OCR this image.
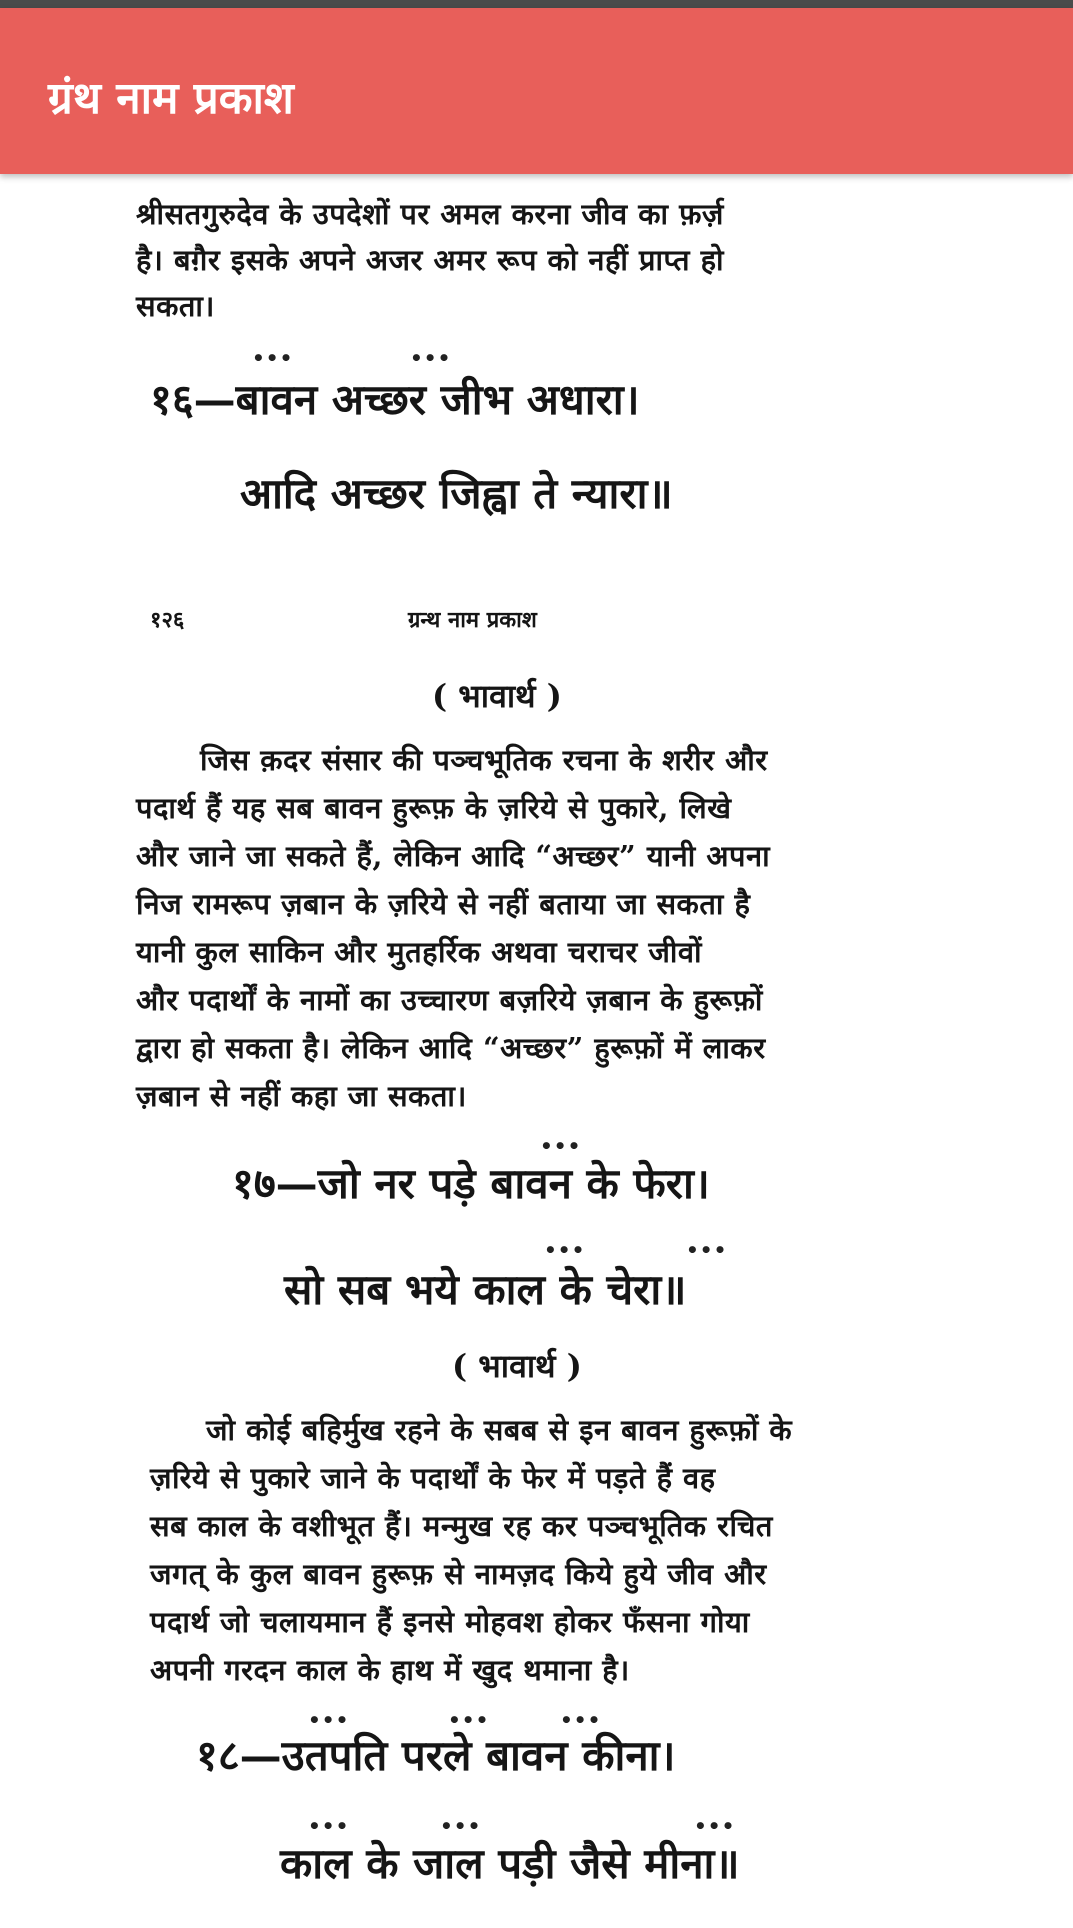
ग्रंथ नाम प्रकाश
श्रीसतगुरुदेव के उपदेशों पर अमल करना जीव का फ़र्ज़
है। बग़ैर इसके अपने अजर अमर रूप को नहीं प्राप्त हो
सकता।
•••	•••
१६—बावन अच्छर जीभ अधारा।
आदि अच्छर जिह्वा ते न्यारा॥
१२६	ग्रन्थ नाम प्रकाश
( भावार्थ )
जिस क़दर संसार की पञ्चभूतिक रचना के शरीर और
पदार्थ हैं यह सब बावन हुरूफ़ के ज़रिये से पुकारे, लिखे
और जाने जा सकते हैं, लेकिन आदि “अच्छर” यानी अपना
निज रामरूप ज़बान के ज़रिये से नहीं बताया जा सकता है
यानी कुल साकिन और मुतहर्रिक अथवा चराचर जीवों
और पदार्थों के नामों का उच्चारण बज़रिये ज़बान के हुरूफ़ों
द्वारा हो सकता है। लेकिन आदि “अच्छर” हुरूफ़ों में लाकर
ज़बान से नहीं कहा जा सकता।
•••
१७—जो नर पड़े बावन के फेरा।
•••	•••
सो सब भये काल के चेरा॥
( भावार्थ )
जो कोई बहिर्मुख रहने के सबब से इन बावन हुरूफ़ों के
ज़रिये से पुकारे जाने के पदार्थों के फेर में पड़ते हैं वह
सब काल के वशीभूत हैं। मन्मुख रह कर पञ्चभूतिक रचित
जगत् के कुल बावन हुरूफ़ से नामज़द किये हुये जीव और
पदार्थ जो चलायमान हैं इनसे मोहवश होकर फँसना गोया
अपनी गरदन काल के हाथ में खुद थमाना है।
•••	•••	•••
१८—उतपति परले बावन कीना।
•••	•••	•••
काल के जाल पड़ी जैसे मीना॥
